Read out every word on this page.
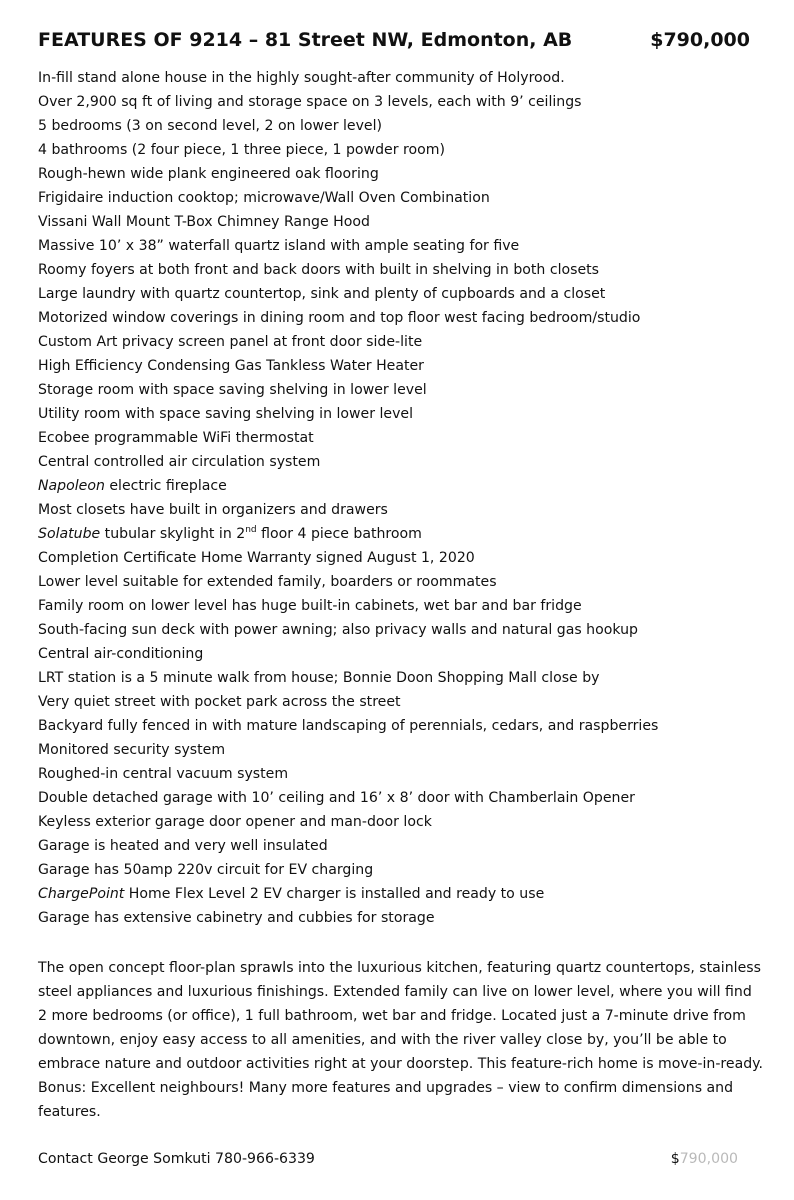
FEATURES OF 9214 – 81 Street NW, Edmonton, AB	$790,000
In-fill stand alone house in the highly sought-after community of Holyrood.
Over 2,900 sq ft of living and storage space on 3 levels, each with 9’ ceilings
5 bedrooms (3 on second level, 2 on lower level)
4 bathrooms (2 four piece, 1 three piece, 1 powder room)
Rough-hewn wide plank engineered oak flooring
Frigidaire induction cooktop; microwave/Wall Oven Combination
Vissani Wall Mount T-Box Chimney Range Hood
Massive 10’ x 38” waterfall quartz island with ample seating for five
Roomy foyers at both front and back doors with built in shelving in both closets
Large laundry with quartz countertop, sink and plenty of cupboards and a closet
Motorized window coverings in dining room and top floor west facing bedroom/studio
Custom Art privacy screen panel at front door side-lite
High Efficiency Condensing Gas Tankless Water Heater
Storage room with space saving shelving in lower level
Utility room with space saving shelving in lower level
Ecobee programmable WiFi thermostat
Central controlled air circulation system
Napoleon electric fireplace
Most closets have built in organizers and drawers
Solatube tubular skylight in 2nd floor 4 piece bathroom
Completion Certificate Home Warranty signed August 1, 2020
Lower level suitable for extended family, boarders or roommates
Family room on lower level has huge built-in cabinets, wet bar and bar fridge
South-facing sun deck with power awning; also privacy walls and natural gas hookup
Central air-conditioning
LRT station is a 5 minute walk from house; Bonnie Doon Shopping Mall close by
Very quiet street with pocket park across the street
Backyard fully fenced in with mature landscaping of perennials, cedars, and raspberries
Monitored security system
Roughed-in central vacuum system
Double detached garage with 10’ ceiling and 16’ x 8’ door with Chamberlain Opener
Keyless exterior garage door opener and man-door lock
Garage is heated and very well insulated
Garage has 50amp 220v circuit for EV charging
ChargePoint Home Flex Level 2 EV charger is installed and ready to use
Garage has extensive cabinetry and cubbies for storage

The open concept floor-plan sprawls into the luxurious kitchen, featuring quartz countertops, stainless steel appliances and luxurious finishings. Extended family can live on lower level, where you will find 2 more bedrooms (or office), 1 full bathroom, wet bar and fridge. Located just a 7-minute drive from downtown, enjoy easy access to all amenities, and with the river valley close by, you’ll be able to embrace nature and outdoor activities right at your doorstep. This feature-rich home is move-in-ready. Bonus: Excellent neighbours! Many more features and upgrades – view to confirm dimensions and features.

Contact George Somkuti 780-966-6339	$790,000
